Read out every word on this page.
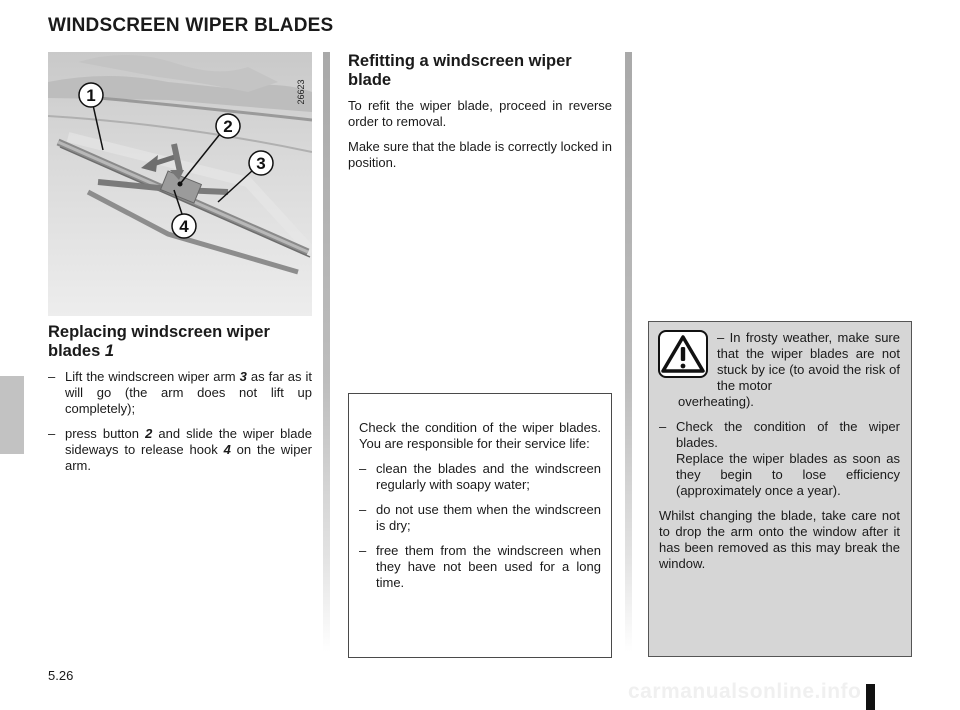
WINDSCREEN WIPER BLADES
1
2
3
4
26623
Replacing windscreen wiper blades 1
– Lift the windscreen wiper arm 3 as far as it will go (the arm does not lift up completely);
– press button 2 and slide the wiper blade sideways to release hook 4 on the wiper arm.
Refitting a windscreen wiper blade

To refit the wiper blade, proceed in reverse order to removal.

Make sure that the blade is correctly locked in position.

Check the condition of the wiper blades. You are responsible for their service life:

– clean the blades and the windscreen regularly with soapy water;
– do not use them when the windscreen is dry;
– free them from the windscreen when they have not been used for a long time.
– In frosty weather, make sure that the wiper blades are not stuck by ice (to avoid the risk of the motor
overheating).
– Check the condition of the wiper blades.
Replace the wiper blades as soon as they begin to lose efficiency (approximately once a year).

Whilst changing the blade, take care not to drop the arm onto the window after it has been removed as this may break the window.

5.26
carmanualsonline.info
